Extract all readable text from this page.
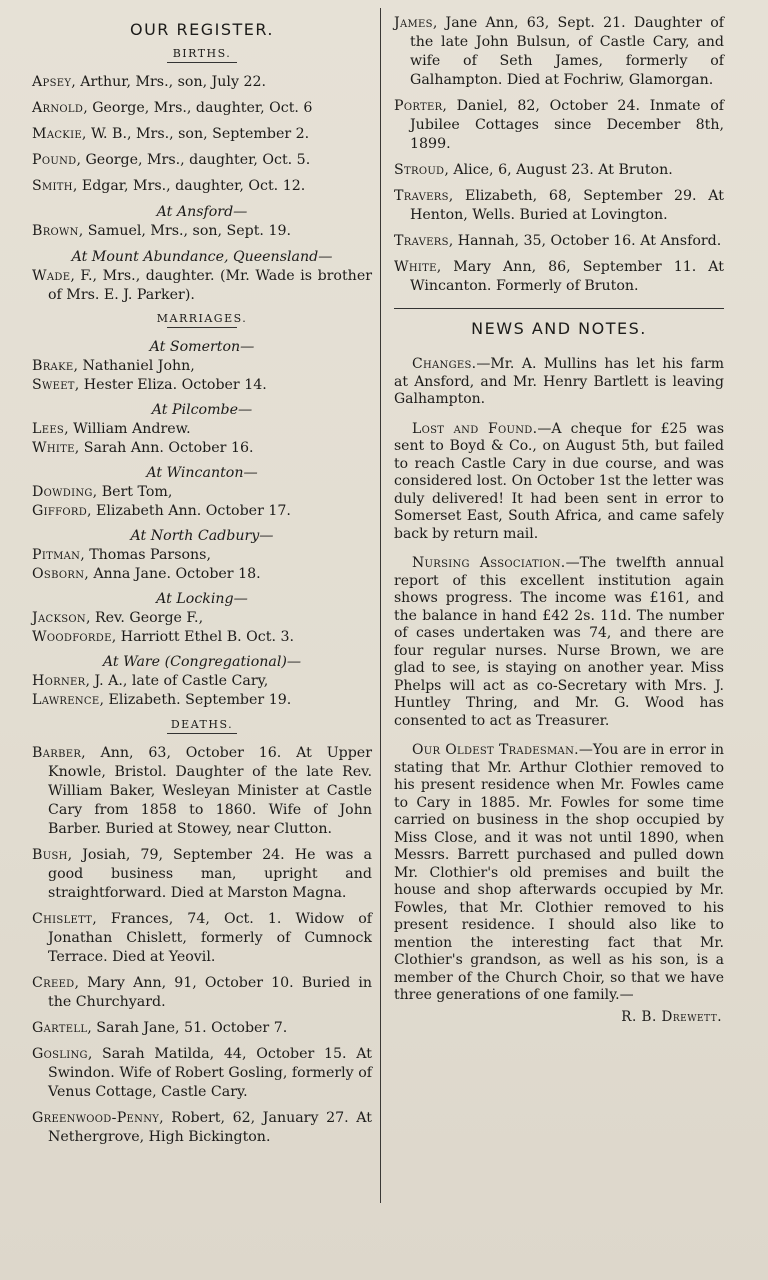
OUR REGISTER.
BIRTHS.

Apsey, Arthur, Mrs., son, July 22.

Arnold, George, Mrs., daughter, Oct. 6

Mackie, W. B., Mrs., son, September 2.

Pound, George, Mrs., daughter, Oct. 5.

Smith, Edgar, Mrs., daughter, Oct. 12.

At Ansford—

Brown, Samuel, Mrs., son, Sept. 19.

At Mount Abundance, Queensland—

Wade, F., Mrs., daughter. (Mr. Wade is brother of Mrs. E. J. Parker).

MARRIAGES.

At Somerton—

Brake, Nathaniel John,

Sweet, Hester Eliza. October 14.

At Pilcombe—

Lees, William Andrew.

White, Sarah Ann. October 16.

At Wincanton—

Dowding, Bert Tom,

Gifford, Elizabeth Ann. October 17.

At North Cadbury—

Pitman, Thomas Parsons,

Osborn, Anna Jane. October 18.

At Locking—

Jackson, Rev. George F.,

Woodforde, Harriott Ethel B. Oct. 3.

At Ware (Congregational)—

Horner, J. A., late of Castle Cary,

Lawrence, Elizabeth. September 19.

DEATHS.

Barber, Ann, 63, October 16. At Upper Knowle, Bristol. Daughter of the late Rev. William Baker, Wesleyan Minister at Castle Cary from 1858 to 1860. Wife of John Barber. Buried at Stowey, near Clutton.

Bush, Josiah, 79, September 24. He was a good business man, upright and straightforward. Died at Marston Magna.

Chislett, Frances, 74, Oct. 1. Widow of Jonathan Chislett, formerly of Cumnock Terrace. Died at Yeovil.

Creed, Mary Ann, 91, October 10. Buried in the Churchyard.

Gartell, Sarah Jane, 51. October 7.

Gosling, Sarah Matilda, 44, October 15. At Swindon. Wife of Robert Gosling, formerly of Venus Cottage, Castle Cary.

Greenwood-Penny, Robert, 62, January 27. At Nethergrove, High Bickington.

James, Jane Ann, 63, Sept. 21. Daughter of the late John Bulsun, of Castle Cary, and wife of Seth James, formerly of Galhampton. Died at Fochriw, Glamorgan.

Porter, Daniel, 82, October 24. Inmate of Jubilee Cottages since December 8th, 1899.

Stroud, Alice, 6, August 23. At Bruton.

Travers, Elizabeth, 68, September 29. At Henton, Wells. Buried at Lovington.

Travers, Hannah, 35, October 16. At Ansford.

White, Mary Ann, 86, September 11. At Wincanton. Formerly of Bruton.

NEWS AND NOTES.

Changes.—Mr. A. Mullins has let his farm at Ansford, and Mr. Henry Bartlett is leaving Galhampton.

Lost and Found.—A cheque for £25 was sent to Boyd & Co., on August 5th, but failed to reach Castle Cary in due course, and was considered lost. On October 1st the letter was duly delivered! It had been sent in error to Somerset East, South Africa, and came safely back by return mail.

Nursing Association.—The twelfth annual report of this excellent institution again shows progress. The income was £161, and the balance in hand £42 2s. 11d. The number of cases undertaken was 74, and there are four regular nurses. Nurse Brown, we are glad to see, is staying on another year. Miss Phelps will act as co-Secretary with Mrs. J. Huntley Thring, and Mr. G. Wood has consented to act as Treasurer.

Our Oldest Tradesman.—You are in error in stating that Mr. Arthur Clothier removed to his present residence when Mr. Fowles came to Cary in 1885. Mr. Fowles for some time carried on business in the shop occupied by Miss Close, and it was not until 1890, when Messrs. Barrett purchased and pulled down Mr. Clothier's old premises and built the house and shop afterwards occupied by Mr. Fowles, that Mr. Clothier removed to his present residence. I should also like to mention the interesting fact that Mr. Clothier's grandson, as well as his son, is a member of the Church Choir, so that we have three generations of one family.—

R. B. Drewett.
